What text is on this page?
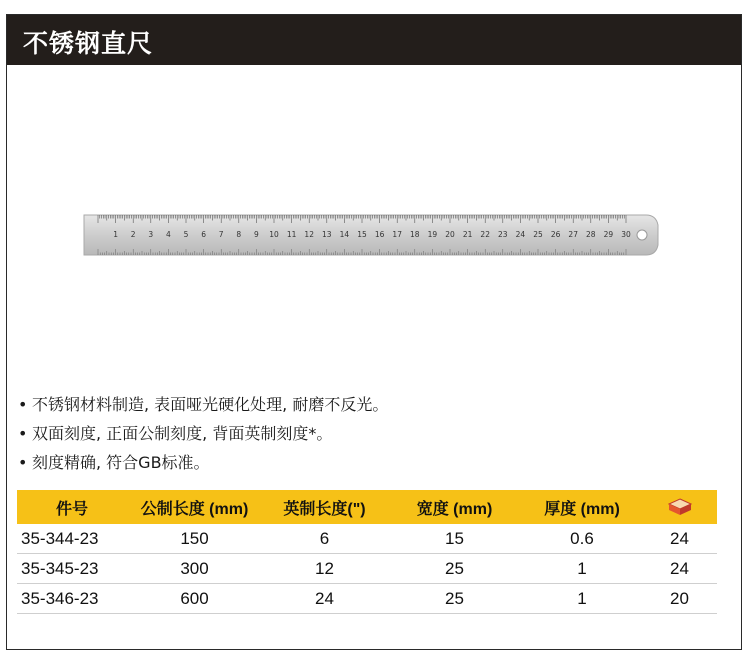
不锈钢直尺
1 2 3 4 5 6 7 8 9 10 11 12 13 14 15 16 17 18 19 20 21 22 23 24 25 26 27 28 29 30
• 不锈钢材料制造, 表面哑光硬化处理, 耐磨不反光。
• 双面刻度, 正面公制刻度, 背面英制刻度*。
• 刻度精确, 符合GB标准。
件号	公制长度 (mm)	英制长度(")	宽度 (mm)	厚度 (mm)	
35-344-23	150	6	15	0.6	24
35-345-23	300	12	25	1	24
35-346-23	600	24	25	1	20
